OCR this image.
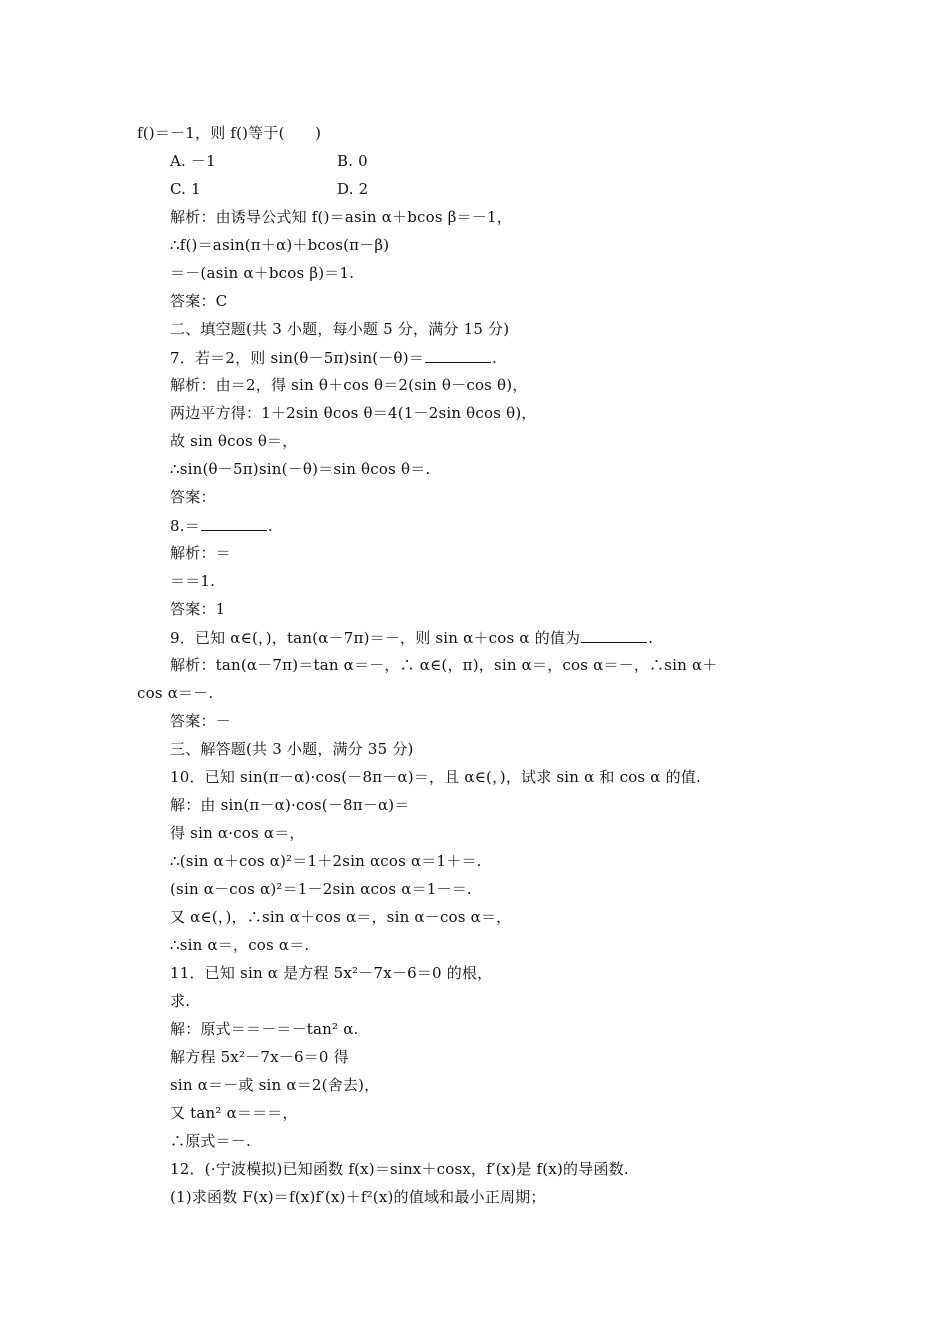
f()＝－1，则 f()等于(　　)
A. －1	B. 0
C. 1	D. 2
解析：由诱导公式知 f()＝asin α＋bcos β＝－1，
∴f()＝asin(π＋α)＋bcos(π－β)
＝－(asin α＋bcos β)＝1.
答案：C
二、填空题(共 3 小题，每小题 5 分，满分 15 分)
7．若＝2，则 sin(θ－5π)sin(－θ)＝	.
解析：由＝2，得 sin θ＋cos θ＝2(sin θ－cos θ)，
两边平方得：1＋2sin θcos θ＝4(1－2sin θcos θ)，
故 sin θcos θ＝，
∴sin(θ－5π)sin(－θ)＝sin θcos θ＝.
答案：
8.＝	.
解析：＝
＝＝1.
答案：1
9．已知 α∈(，)，tan(α－7π)＝－，则 sin α＋cos α 的值为	.
解析：tan(α－7π)＝tan α＝－，∴ α∈(，π)，sin α＝，cos α＝－，∴sin α＋
cos α＝－.
答案：－
三、解答题(共 3 小题，满分 35 分)
10．已知 sin(π－α)·cos(－8π－α)＝，且 α∈(，)，试求 sin α 和 cos α 的值.
解：由 sin(π－α)·cos(－8π－α)＝
得 sin α·cos α＝，
∴(sin α＋cos α)²＝1＋2sin αcos α＝1＋＝.
(sin α－cos α)²＝1－2sin αcos α＝1－＝.
又 α∈(，)，∴sin α＋cos α＝，sin α－cos α＝，
∴sin α＝，cos α＝.
11．已知 sin α 是方程 5x²－7x－6＝0 的根，
求.
解：原式＝＝－＝－tan² α.
解方程 5x²－7x－6＝0 得
sin α＝－或 sin α＝2(舍去)，
又 tan² α＝＝＝，
∴原式＝－.
12．(·宁波模拟)已知函数 f(x)＝sinx＋cosx，f′(x)是 f(x)的导函数.
(1)求函数 F(x)＝f(x)f′(x)＋f²(x)的值域和最小正周期；
